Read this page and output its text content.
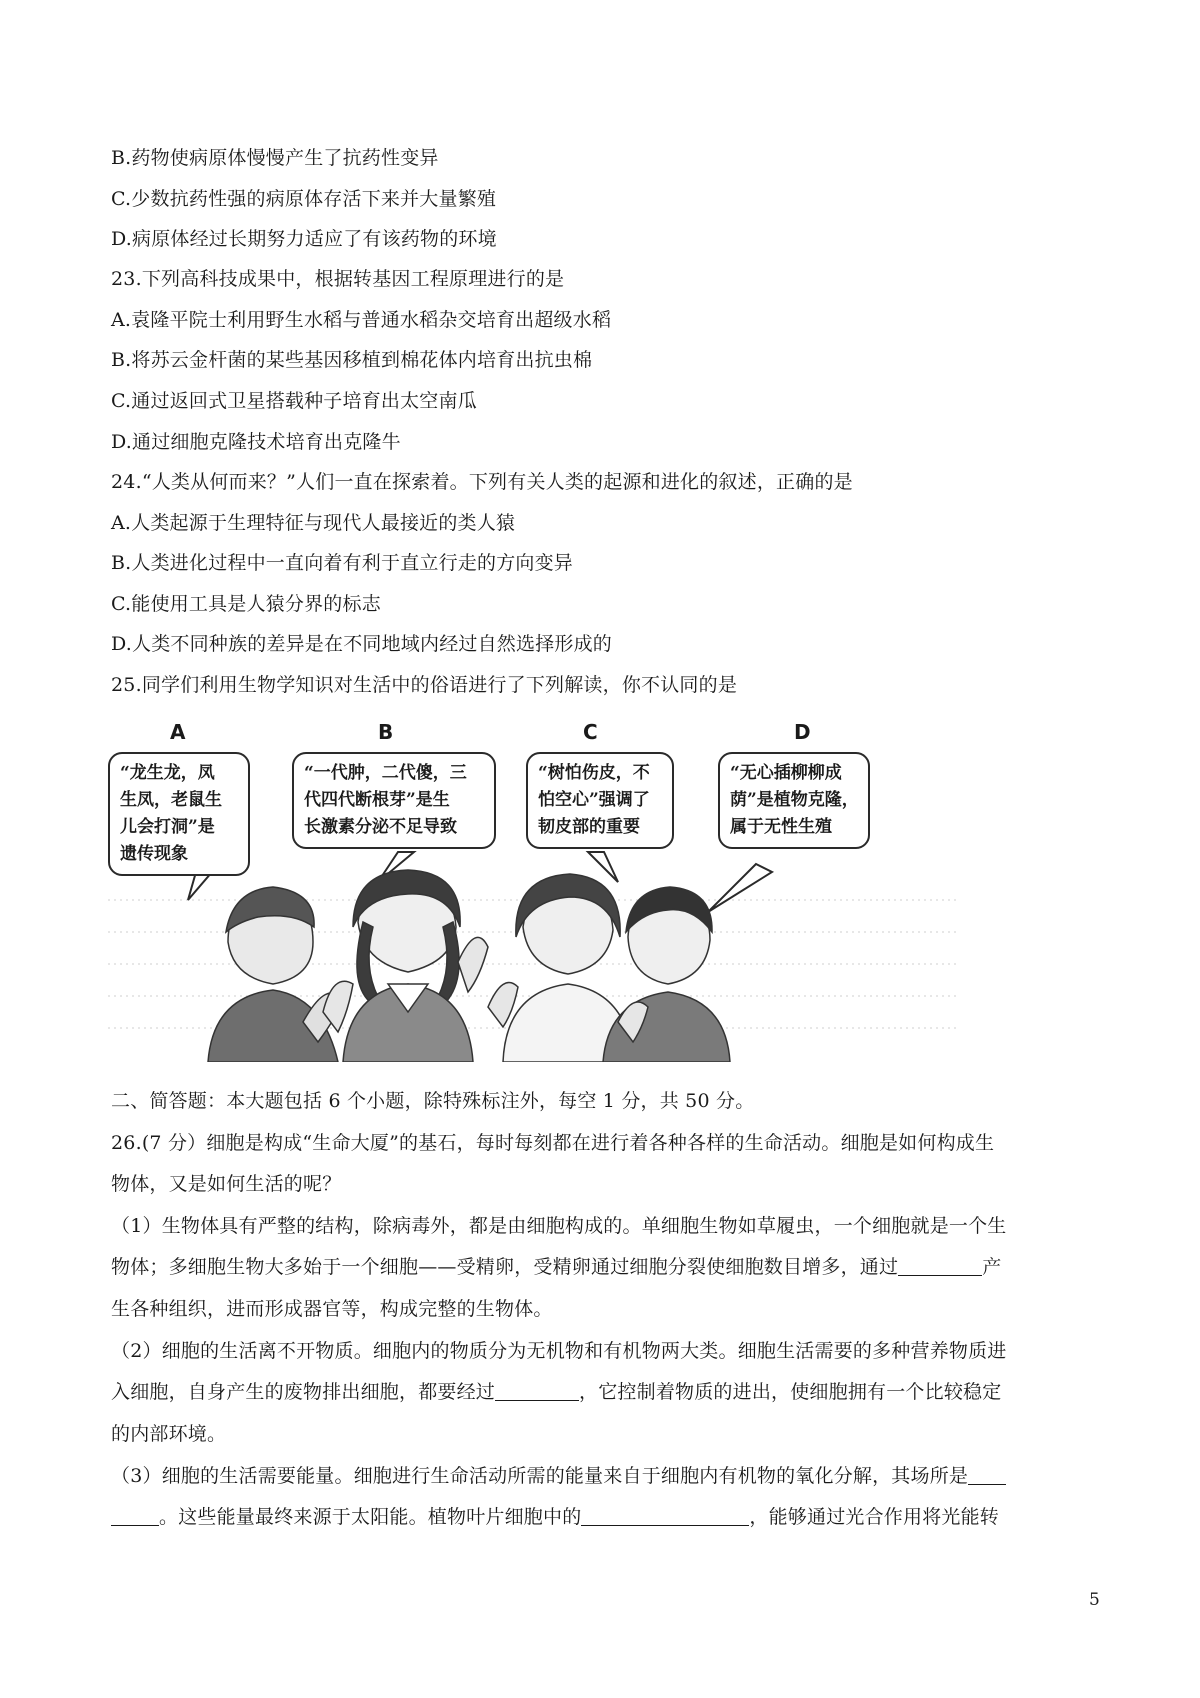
B.药物使病原体慢慢产生了抗药性变异
C.少数抗药性强的病原体存活下来并大量繁殖
D.病原体经过长期努力适应了有该药物的环境
23.下列高科技成果中，根据转基因工程原理进行的是
A.袁隆平院士利用野生水稻与普通水稻杂交培育出超级水稻
B.将苏云金杆菌的某些基因移植到棉花体内培育出抗虫棉
C.通过返回式卫星搭载种子培育出太空南瓜
D.通过细胞克隆技术培育出克隆牛
24.“人类从何而来？”人们一直在探索着。下列有关人类的起源和进化的叙述，正确的是
A.人类起源于生理特征与现代人最接近的类人猿
B.人类进化过程中一直向着有利于直立行走的方向变异
C.能使用工具是人猿分界的标志
D.人类不同种族的差异是在不同地域内经过自然选择形成的
25.同学们利用生物学知识对生活中的俗语进行了下列解读，你不认同的是
A	B	C	D
“龙生龙，凤
生凤，老鼠生
儿会打洞”是
遗传现象
“一代肿，二代傻，三
代四代断根芽”是生
长激素分泌不足导致
“树怕伤皮，不
怕空心”强调了
韧皮部的重要
“无心插柳柳成
荫”是植物克隆，
属于无性生殖
二、简答题：本大题包括 6 个小题，除特殊标注外，每空 1 分，共 50 分。
26.(7 分）细胞是构成“生命大厦”的基石，每时每刻都在进行着各种各样的生命活动。细胞是如何构成生
物体，又是如何生活的呢？
（1）生物体具有严整的结构，除病毒外，都是由细胞构成的。单细胞生物如草履虫，一个细胞就是一个生
物体；多细胞生物大多始于一个细胞——受精卵，受精卵通过细胞分裂使细胞数目增多，通过	产
生各种组织，进而形成器官等，构成完整的生物体。
（2）细胞的生活离不开物质。细胞内的物质分为无机物和有机物两大类。细胞生活需要的多种营养物质进
入细胞，自身产生的废物排出细胞，都要经过	，它控制着物质的进出，使细胞拥有一个比较稳定
的内部环境。
（3）细胞的生活需要能量。细胞进行生命活动所需的能量来自于细胞内有机物的氧化分解，其场所是
。这些能量最终来源于太阳能。植物叶片细胞中的	，能够通过光合作用将光能转
5
